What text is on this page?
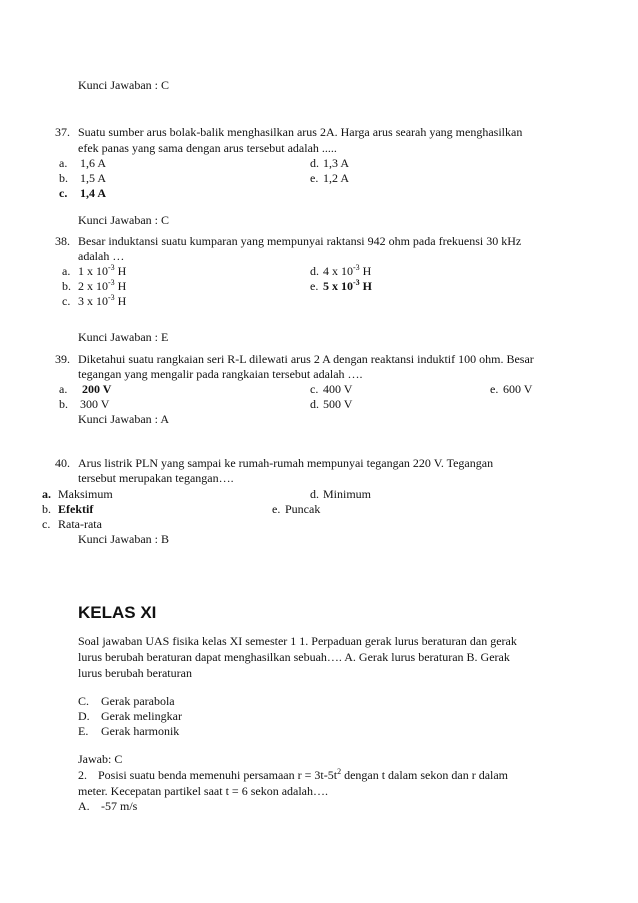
Kunci Jawaban : C
37. Suatu sumber arus bolak-balik menghasilkan arus 2A. Harga arus searah yang menghasilkan
efek panas yang sama dengan arus tersebut adalah .....
a. 1,6 A
b. 1,5 A
c. 1,4 A
d. 1,3 A
e. 1,2 A
Kunci Jawaban : C
38. Besar induktansi suatu kumparan yang mempunyai raktansi 942 ohm pada frekuensi 30 kHz
adalah …
a. 1 x $10^{-3}$ H
b. 2 x $10^{-3}$ H
c. 3 x $10^{-3}$ H
d. 4 x $10^{-3}$ H
e. 5 x $10^{-3}$ H
Kunci Jawaban : E
39. Diketahui suatu rangkaian seri R-L dilewati arus 2 A dengan reaktansi induktif 100 ohm. Besar
tegangan yang mengalir pada rangkaian tersebut adalah ….
a. 200 V
b. 300 V
c. 400 V
d. 500 V
e. 600 V
Kunci Jawaban : A
40. Arus listrik PLN yang sampai ke rumah-rumah mempunyai tegangan 220 V. Tegangan
tersebut merupakan tegangan….
a. Maksimum
b. Efektif
c. Rata-rata
d. Minimum
e. Puncak
Kunci Jawaban : B
KELAS XI
Soal jawaban UAS fisika kelas XI semester 1 1. Perpaduan gerak lurus beraturan dan gerak
lurus berubah beraturan dapat menghasilkan sebuah…. A. Gerak lurus beraturan B. Gerak
lurus berubah beraturan
C. Gerak parabola
D. Gerak melingkar
E. Gerak harmonik
Jawab: C
2. Posisi suatu benda memenuhi persamaan $r = 3t-5t^2$ dengan t dalam sekon dan r dalam
meter. Kecepatan partikel saat t = 6 sekon adalah….
A. -57 m/s
